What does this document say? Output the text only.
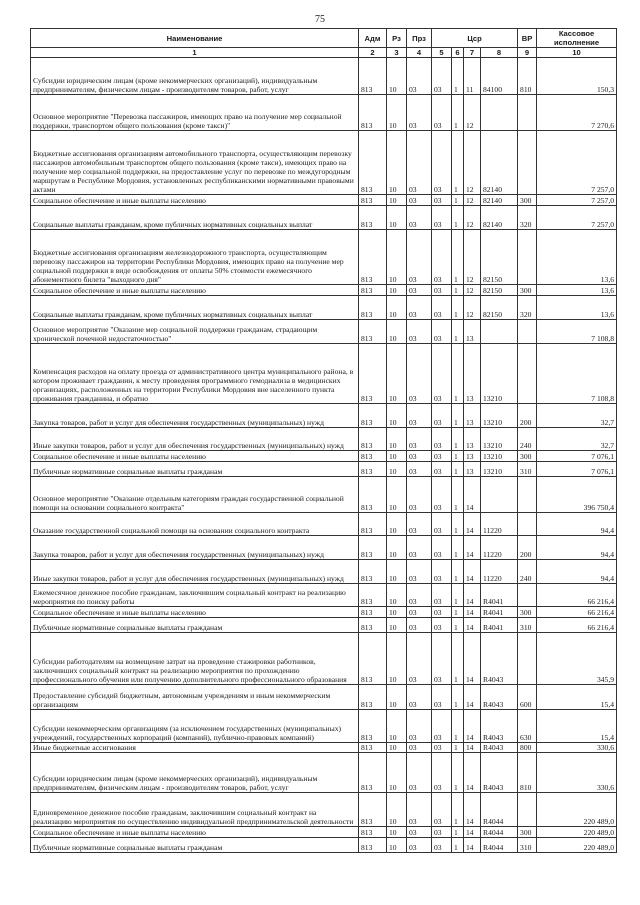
75
Наименование	Адм	Рз	Прз	Цср				ВР	Кассовое исполнение
1	2	3	4	5	6	7	8	9	10
Субсидии юридическим лицам (кроме некоммерческих организаций), индивидуальным предпринимателям, физическим лицам - производителям товаров, работ, услуг	813	10	03	03	1	11	84100	810	150,3
Основное мероприятие "Перевозка пассажиров, имеющих право на получение мер социальной поддержки, транспортом общего пользования (кроме такси)"	813	10	03	03	1	12			7 270,6
Бюджетные ассигнования организациям автомобильного транспорта, осуществляющим перевозку пассажиров автомобильным транспортом общего пользования (кроме такси), имеющих право на получение мер социальной поддержки, на предоставление услуг по перевозке по междугородным маршрутам в Республике Мордовия, установленных республиканскими нормативными правовыми актами	813	10	03	03	1	12	82140		7 257,0
Социальное обеспечение и иные выплаты населению	813	10	03	03	1	12	82140	300	7 257,0
Социальные выплаты гражданам, кроме публичных нормативных социальных выплат	813	10	03	03	1	12	82140	320	7 257,0
Бюджетные ассигнования организациям железнодорожного транспорта, осуществляющим перевозку пассажиров на территории Республики Мордовия, имеющих право на получение мер социальной поддержки в виде освобождения от оплаты 50% стоимости ежемесячного абонементного билета "выходного дня"	813	10	03	03	1	12	82150		13,6
Социальное обеспечение и иные выплаты населению	813	10	03	03	1	12	82150	300	13,6
Социальные выплаты гражданам, кроме публичных нормативных социальных выплат	813	10	03	03	1	12	82150	320	13,6
Основное мероприятие "Оказание мер социальной поддержки гражданам, страдающим хронической почечной недостаточностью"	813	10	03	03	1	13			7 108,8
Компенсация расходов на оплату проезда от административного центра муниципального района, в котором проживает гражданин, к месту проведения программного гемодиализа в медицинских организациях, расположенных на территории Республики Мордовия вне населенного пункта проживания гражданина, и обратно	813	10	03	03	1	13	13210		7 108,8
Закупка товаров, работ и услуг для обеспечения государственных (муниципальных) нужд	813	10	03	03	1	13	13210	200	32,7
Иные закупки товаров, работ и услуг для обеспечения государственных (муниципальных) нужд	813	10	03	03	1	13	13210	240	32,7
Социальное обеспечение и иные выплаты населению	813	10	03	03	1	13	13210	300	7 076,1
Публичные нормативные социальные выплаты гражданам	813	10	03	03	1	13	13210	310	7 076,1
Основное мероприятие "Оказание отдельным категориям граждан государственной социальной помощи на основании социального контракта"	813	10	03	03	1	14			396 750,4
Оказание государственной социальной помощи на основании социального контракта	813	10	03	03	1	14	11220		94,4
Закупка товаров, работ и услуг для обеспечения государственных (муниципальных) нужд	813	10	03	03	1	14	11220	200	94,4
Иные закупки товаров, работ и услуг для обеспечения государственных (муниципальных) нужд	813	10	03	03	1	14	11220	240	94,4
Ежемесячное денежное пособие гражданам, заключившим социальный контракт на реализацию мероприятия по поиску работы	813	10	03	03	1	14	R4041		66 216,4
Социальное обеспечение и иные выплаты населению	813	10	03	03	1	14	R4041	300	66 216,4
Публичные нормативные социальные выплаты гражданам	813	10	03	03	1	14	R4041	310	66 216,4
Субсидии работодателям на возмещение затрат на проведение стажировки работников, заключивших социальный контракт на реализацию мероприятия по прохождению профессионального обучения или получению дополнительного профессионального образования	813	10	03	03	1	14	R4043		345,9
Предоставление субсидий бюджетным, автономным учреждениям и иным некоммерческим организациям	813	10	03	03	1	14	R4043	600	15,4
Субсидии некоммерческим организациям (за исключением государственных (муниципальных) учреждений, государственных корпораций (компаний), публично-правовых компаний)	813	10	03	03	1	14	R4043	630	15,4
Иные бюджетные ассигнования	813	10	03	03	1	14	R4043	800	330,6
Субсидии юридическим лицам (кроме некоммерческих организаций), индивидуальным предпринимателям, физическим лицам - производителям товаров, работ, услуг	813	10	03	03	1	14	R4043	810	330,6
Единовременное денежное пособие гражданам, заключившим социальный контракт на реализацию мероприятия по осуществлению индивидуальной предпринимательской деятельности	813	10	03	03	1	14	R4044		220 489,0
Социальное обеспечение и иные выплаты населению	813	10	03	03	1	14	R4044	300	220 489,0
Публичные нормативные социальные выплаты гражданам	813	10	03	03	1	14	R4044	310	220 489,0
